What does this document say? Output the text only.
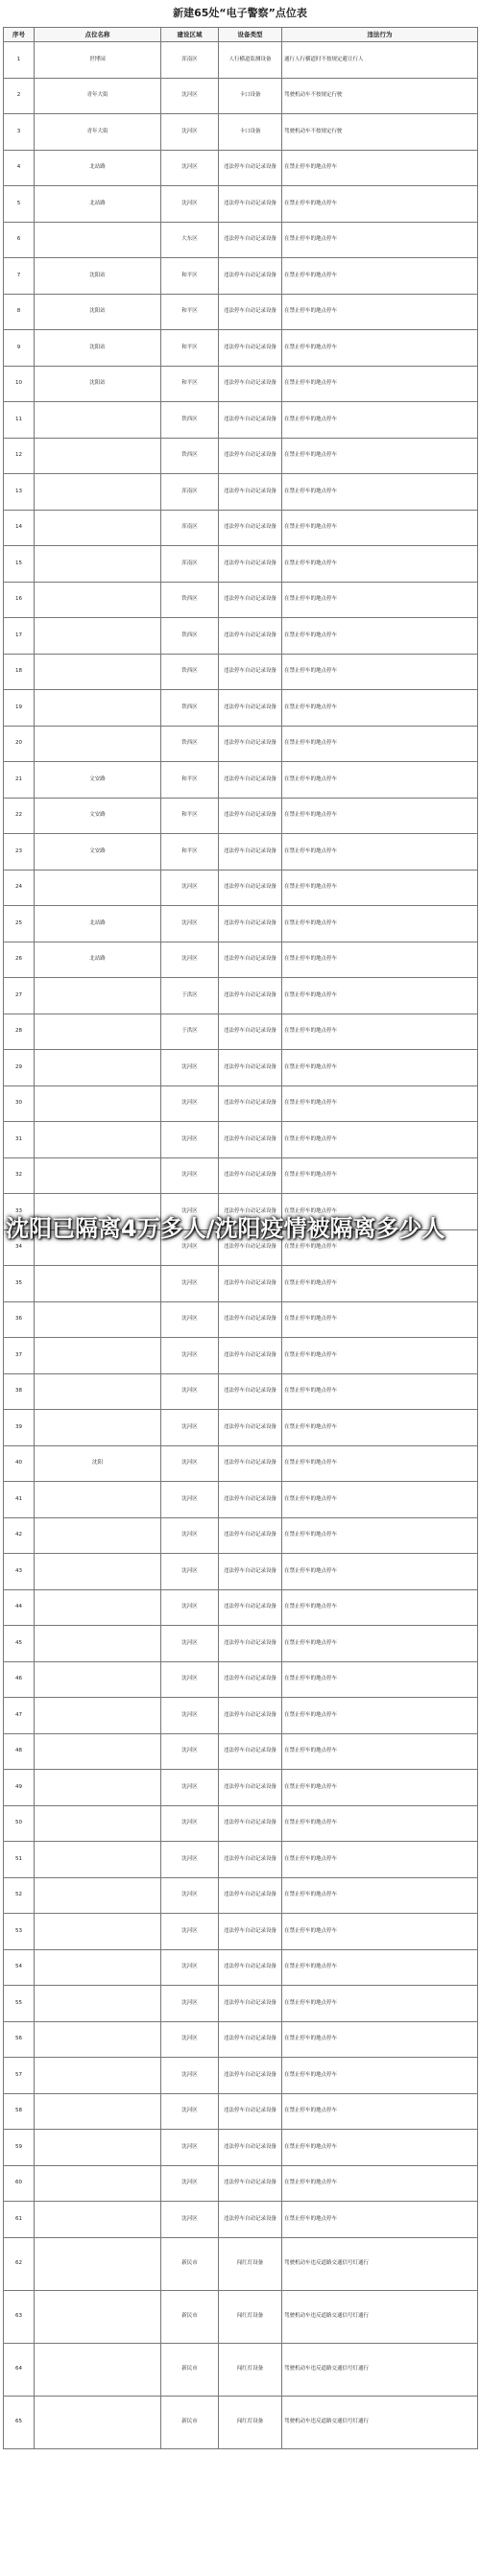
新建65处“电子警察”点位表
序号	点位名称	建设区域	设备类型	违法行为
1	世博园	浑南区	人行横道监测设备	通行人行横道时不按规定避让行人
2	青年大街	沈河区	卡口设备	驾驶机动车不按规定行驶
3	青年大街	沈河区	卡口设备	驾驶机动车不按规定行驶
4	北站路	沈河区	违法停车自动记录设备	在禁止停车的地点停车
5	北站路	沈河区	违法停车自动记录设备	在禁止停车的地点停车
6		大东区	违法停车自动记录设备	在禁止停车的地点停车
7	沈阳站	和平区	违法停车自动记录设备	在禁止停车的地点停车
8	沈阳站	和平区	违法停车自动记录设备	在禁止停车的地点停车
9	沈阳站	和平区	违法停车自动记录设备	在禁止停车的地点停车
10	沈阳站	和平区	违法停车自动记录设备	在禁止停车的地点停车
11		铁西区	违法停车自动记录设备	在禁止停车的地点停车
12		铁西区	违法停车自动记录设备	在禁止停车的地点停车
13		浑南区	违法停车自动记录设备	在禁止停车的地点停车
14		浑南区	违法停车自动记录设备	在禁止停车的地点停车
15		浑南区	违法停车自动记录设备	在禁止停车的地点停车
16		铁西区	违法停车自动记录设备	在禁止停车的地点停车
17		铁西区	违法停车自动记录设备	在禁止停车的地点停车
18		铁西区	违法停车自动记录设备	在禁止停车的地点停车
19		铁西区	违法停车自动记录设备	在禁止停车的地点停车
20		铁西区	违法停车自动记录设备	在禁止停车的地点停车
21	文安路	和平区	违法停车自动记录设备	在禁止停车的地点停车
22	文安路	和平区	违法停车自动记录设备	在禁止停车的地点停车
23	文安路	和平区	违法停车自动记录设备	在禁止停车的地点停车
24		沈河区	违法停车自动记录设备	在禁止停车的地点停车
25	北站路	沈河区	违法停车自动记录设备	在禁止停车的地点停车
26	北站路	沈河区	违法停车自动记录设备	在禁止停车的地点停车
27		于洪区	违法停车自动记录设备	在禁止停车的地点停车
28		于洪区	违法停车自动记录设备	在禁止停车的地点停车
29		沈河区	违法停车自动记录设备	在禁止停车的地点停车
30		沈河区	违法停车自动记录设备	在禁止停车的地点停车
31		沈河区	违法停车自动记录设备	在禁止停车的地点停车
32		沈河区	违法停车自动记录设备	在禁止停车的地点停车
33		沈河区	违法停车自动记录设备	在禁止停车的地点停车
34		沈河区	违法停车自动记录设备	在禁止停车的地点停车
35		沈河区	违法停车自动记录设备	在禁止停车的地点停车
36		沈河区	违法停车自动记录设备	在禁止停车的地点停车
37		沈河区	违法停车自动记录设备	在禁止停车的地点停车
38		沈河区	违法停车自动记录设备	在禁止停车的地点停车
39		沈河区	违法停车自动记录设备	在禁止停车的地点停车
40	沈阳	沈河区	违法停车自动记录设备	在禁止停车的地点停车
41		沈河区	违法停车自动记录设备	在禁止停车的地点停车
42		沈河区	违法停车自动记录设备	在禁止停车的地点停车
43		沈河区	违法停车自动记录设备	在禁止停车的地点停车
44		沈河区	违法停车自动记录设备	在禁止停车的地点停车
45		沈河区	违法停车自动记录设备	在禁止停车的地点停车
46		沈河区	违法停车自动记录设备	在禁止停车的地点停车
47		沈河区	违法停车自动记录设备	在禁止停车的地点停车
48		沈河区	违法停车自动记录设备	在禁止停车的地点停车
49		沈河区	违法停车自动记录设备	在禁止停车的地点停车
50		沈河区	违法停车自动记录设备	在禁止停车的地点停车
51		沈河区	违法停车自动记录设备	在禁止停车的地点停车
52		沈河区	违法停车自动记录设备	在禁止停车的地点停车
53		沈河区	违法停车自动记录设备	在禁止停车的地点停车
54		沈河区	违法停车自动记录设备	在禁止停车的地点停车
55		沈河区	违法停车自动记录设备	在禁止停车的地点停车
56		沈河区	违法停车自动记录设备	在禁止停车的地点停车
57		沈河区	违法停车自动记录设备	在禁止停车的地点停车
58		沈河区	违法停车自动记录设备	在禁止停车的地点停车
59		沈河区	违法停车自动记录设备	在禁止停车的地点停车
60		沈河区	违法停车自动记录设备	在禁止停车的地点停车
61		沈河区	违法停车自动记录设备	在禁止停车的地点停车
62		新民市	闯红灯设备	驾驶机动车违反道路交通信号灯通行
63		新民市	闯红灯设备	驾驶机动车违反道路交通信号灯通行
64		新民市	闯红灯设备	驾驶机动车违反道路交通信号灯通行
65		新民市	闯红灯设备	驾驶机动车违反道路交通信号灯通行
沈阳已隔离4万多人/沈阳疫情被隔离多少人
